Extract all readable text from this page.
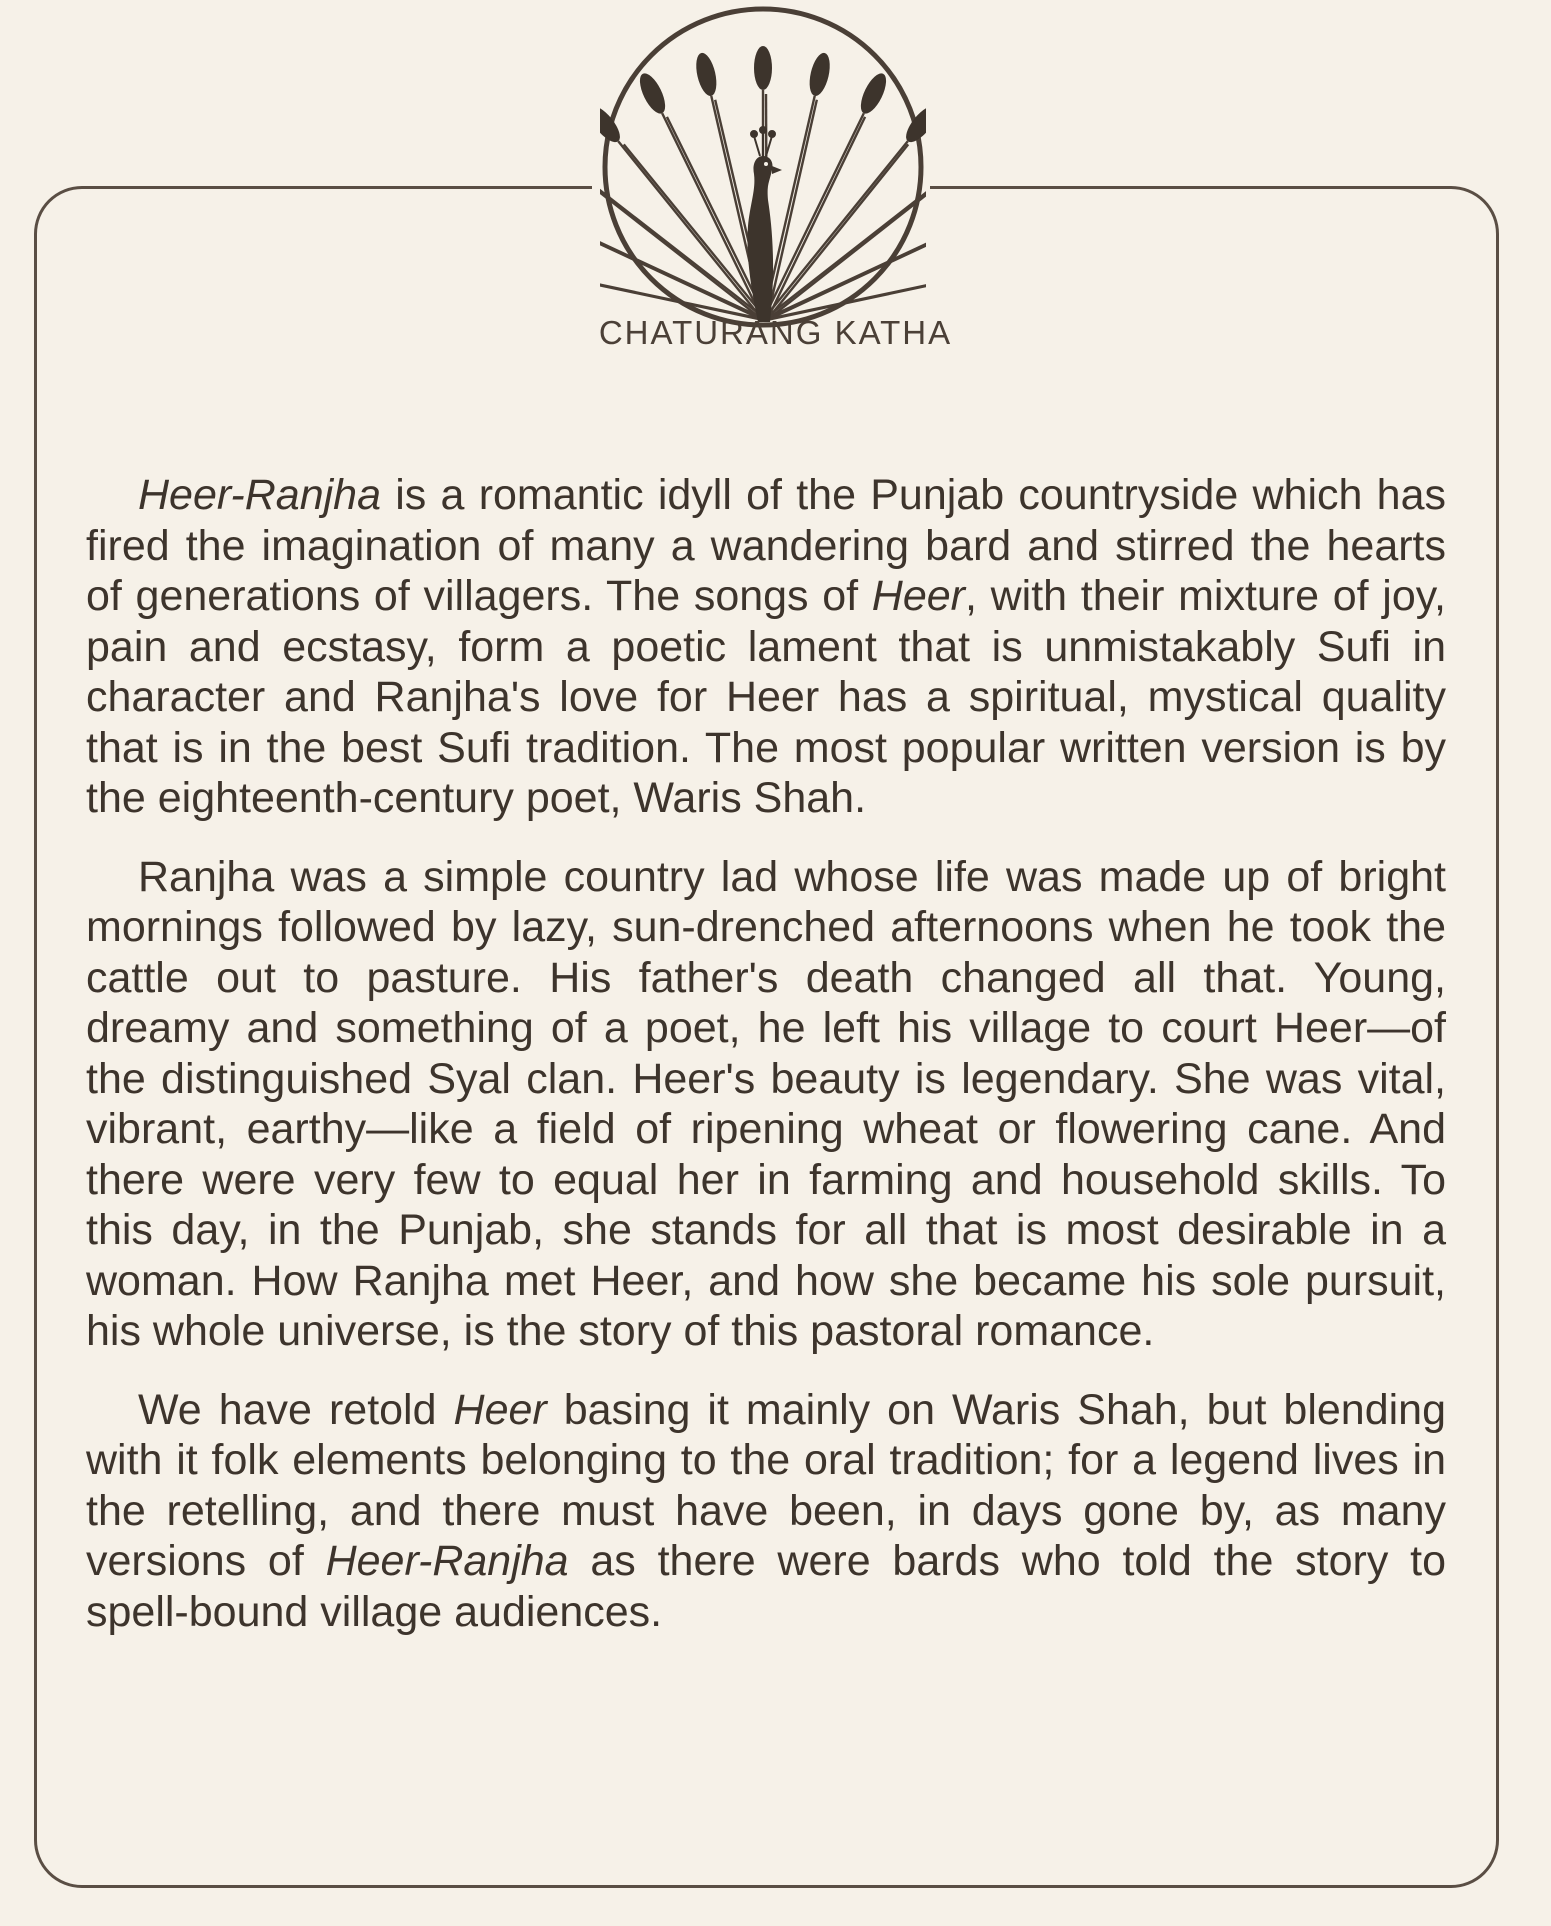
CHATURANG KATHA

Heer-Ranjha is a romantic idyll of the Punjab countryside which has fired the imagination of many a wandering bard and stirred the hearts of generations of villagers. The songs of Heer, with their mixture of joy, pain and ecstasy, form a poetic lament that is unmistakably Sufi in character and Ranjha's love for Heer has a spiritual, mystical quality that is in the best Sufi tradition. The most popular written version is by the eighteenth-century poet, Waris Shah.

Ranjha was a simple country lad whose life was made up of bright mornings followed by lazy, sun-drenched afternoons when he took the cattle out to pasture. His father's death changed all that. Young, dreamy and something of a poet, he left his village to court Heer—of the distinguished Syal clan. Heer's beauty is legendary. She was vital, vibrant, earthy—like a field of ripening wheat or flowering cane. And there were very few to equal her in farming and household skills. To this day, in the Punjab, she stands for all that is most desirable in a woman. How Ranjha met Heer, and how she became his sole pursuit, his whole universe, is the story of this pastoral romance.

We have retold Heer basing it mainly on Waris Shah, but blending with it folk elements belonging to the oral tradition; for a legend lives in the retelling, and there must have been, in days gone by, as many versions of Heer-Ranjha as there were bards who told the story to spell-bound village audiences.
